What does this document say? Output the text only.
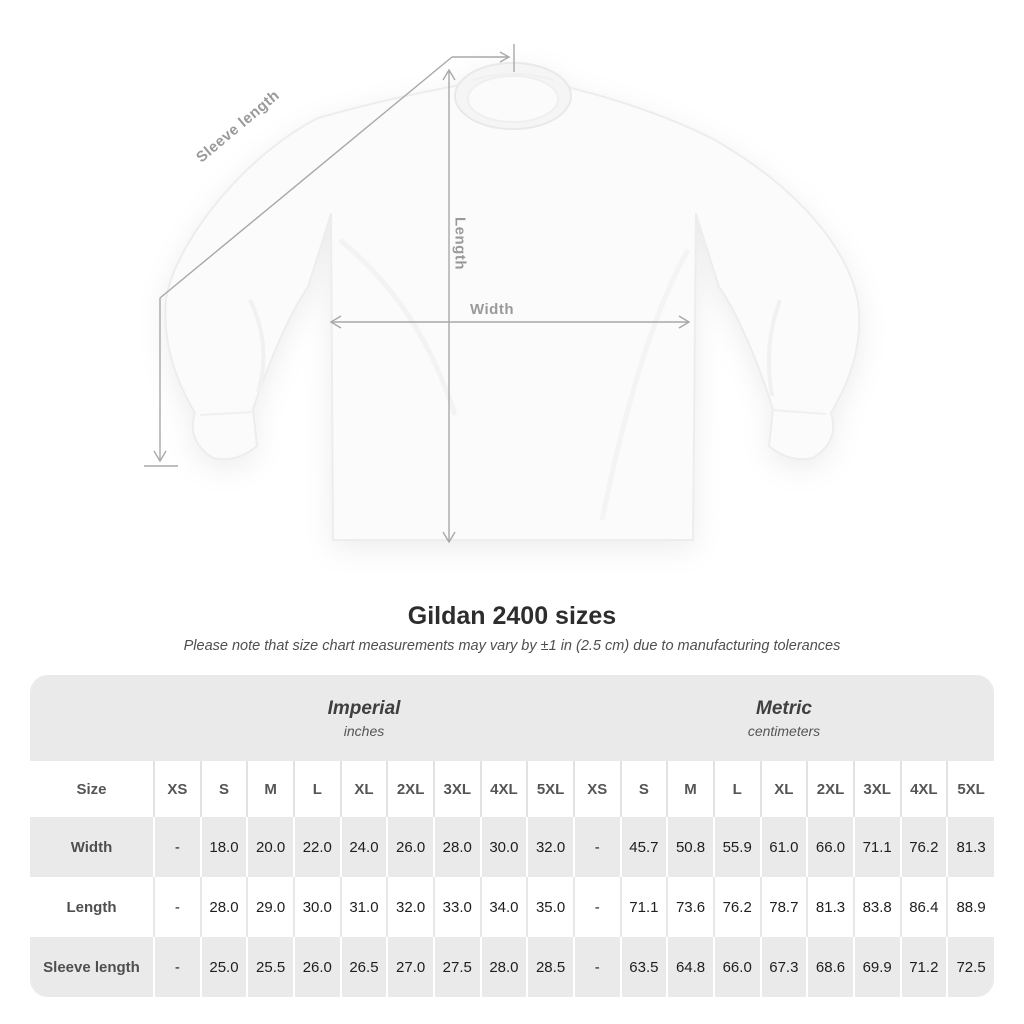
Sleeve length
Length
Width
Gildan 2400 sizes

Please note that size chart measurements may vary by ±1 in (2.5 cm) due to manufacturing tolerances

Imperial
inches
Metric
centimeters
Size	XS	S	M	L	XL	2XL	3XL	4XL	5XL	XS	S	M	L	XL	2XL	3XL	4XL	5XL
Width	-	18.0	20.0	22.0	24.0	26.0	28.0	30.0	32.0	-	45.7	50.8	55.9	61.0	66.0	71.1	76.2	81.3
Length	-	28.0	29.0	30.0	31.0	32.0	33.0	34.0	35.0	-	71.1	73.6	76.2	78.7	81.3	83.8	86.4	88.9
Sleeve length	-	25.0	25.5	26.0	26.5	27.0	27.5	28.0	28.5	-	63.5	64.8	66.0	67.3	68.6	69.9	71.2	72.5
